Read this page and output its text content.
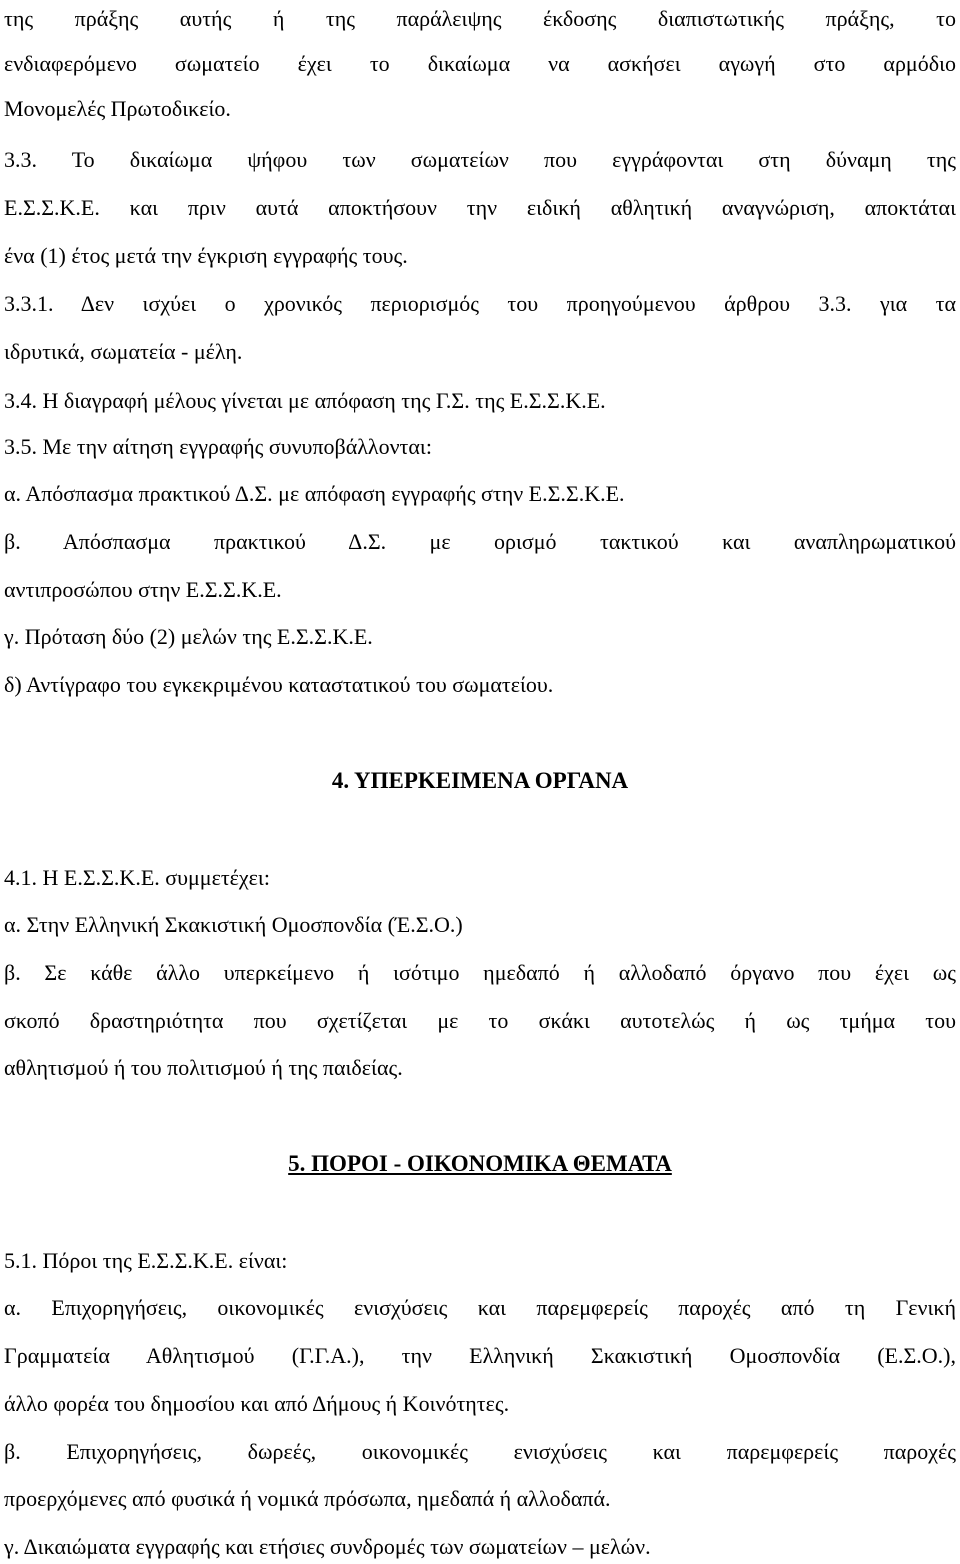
της πράξης αυτής ή της παράλειψης έκδοσης διαπιστωτικής πράξης, το
ενδιαφερόμενο σωματείο έχει το δικαίωμα να ασκήσει αγωγή στο αρμόδιο
Μονομελές Πρωτοδικείο.
3.3. Το δικαίωμα ψήφου των σωματείων που εγγράφονται στη δύναμη της
Ε.Σ.Σ.Κ.Ε. και πριν αυτά αποκτήσουν την ειδική αθλητική αναγνώριση, αποκτάται
ένα (1) έτος μετά την έγκριση εγγραφής τους.
3.3.1. Δεν ισχύει ο χρονικός περιορισμός του προηγούμενου άρθρου 3.3. για τα
ιδρυτικά, σωματεία - μέλη.
3.4. Η διαγραφή μέλους γίνεται με απόφαση της Γ.Σ. της Ε.Σ.Σ.Κ.Ε.
3.5. Με την αίτηση εγγραφής συνυποβάλλονται:
α. Απόσπασμα πρακτικού Δ.Σ. με απόφαση εγγραφής στην Ε.Σ.Σ.Κ.Ε.
β. Απόσπασμα πρακτικού Δ.Σ. με ορισμό τακτικού και αναπληρωματικού
αντιπροσώπου στην Ε.Σ.Σ.Κ.Ε.
γ. Πρόταση δύο (2) μελών της Ε.Σ.Σ.Κ.Ε.
δ) Αντίγραφο του εγκεκριμένου καταστατικού του σωματείου.
4. ΥΠΕΡΚΕΙΜΕΝΑ ΟΡΓΑΝΑ
4.1. Η Ε.Σ.Σ.Κ.Ε. συμμετέχει:
α. Στην Ελληνική Σκακιστική Ομοσπονδία (Έ.Σ.Ο.)
β. Σε κάθε άλλο υπερκείμενο ή ισότιμο ημεδαπό ή αλλοδαπό όργανο που έχει ως
σκοπό δραστηριότητα που σχετίζεται με το σκάκι αυτοτελώς ή ως τμήμα του
αθλητισμού ή του πολιτισμού ή της παιδείας.
5. ΠΟΡΟΙ - ΟΙΚΟΝΟΜΙΚΑ ΘΕΜΑΤΑ
5.1. Πόροι της Ε.Σ.Σ.Κ.Ε. είναι:
α. Επιχορηγήσεις, οικονομικές ενισχύσεις και παρεμφερείς παροχές από τη Γενική
Γραμματεία Αθλητισμού (Γ.Γ.Α.), την Ελληνική Σκακιστική Ομοσπονδία (Ε.Σ.Ο.),
άλλο φορέα του δημοσίου και από Δήμους ή Κοινότητες.
β. Επιχορηγήσεις, δωρεές, οικονομικές ενισχύσεις και παρεμφερείς παροχές
προερχόμενες από φυσικά ή νομικά πρόσωπα, ημεδαπά ή αλλοδαπά.
γ. Δικαιώματα εγγραφής και ετήσιες συνδρομές των σωματείων – μελών.
